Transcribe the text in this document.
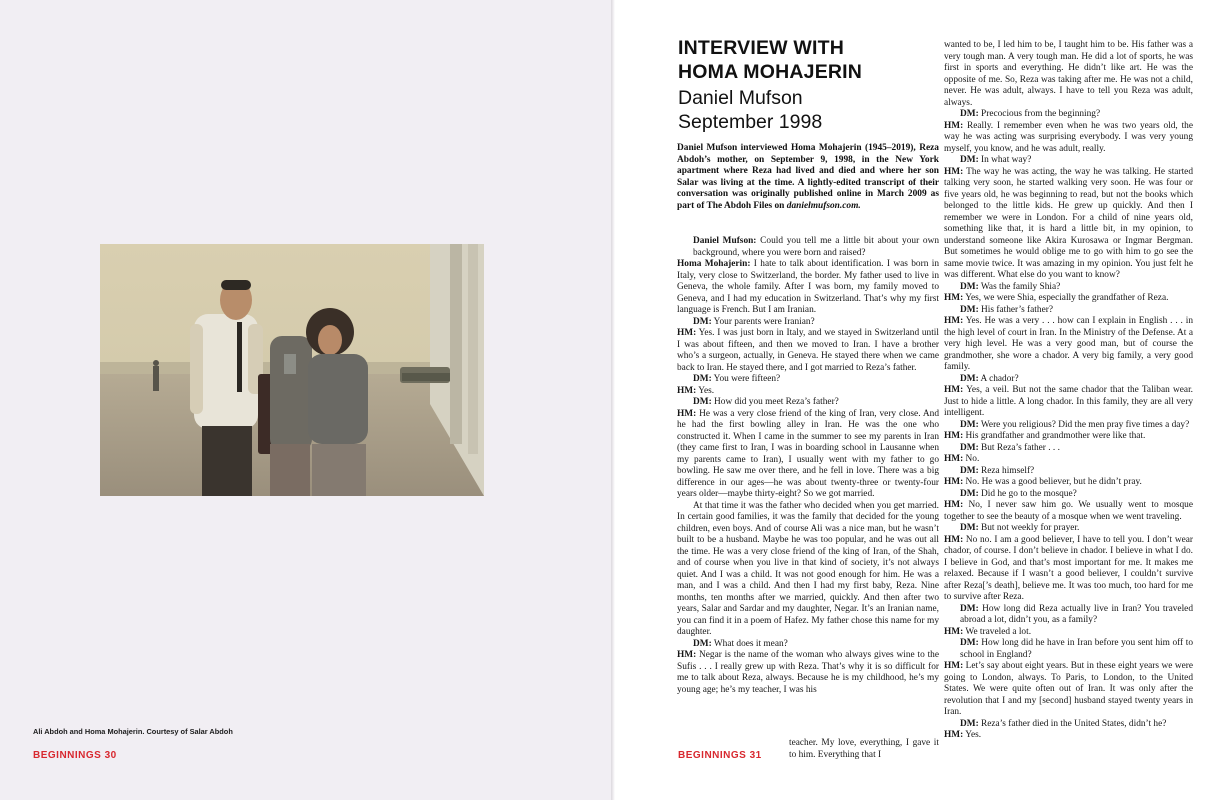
Ali Abdoh and Homa Mohajerin. Courtesy of Salar Abdoh
BEGINNINGS 30
INTERVIEW WITH
HOMA MOHAJERIN
Daniel Mufson
September 1998
Daniel Mufson interviewed Homa Mohajerin (1945–2019), Reza Abdoh’s mother, on September 9, 1998, in the New York apartment where Reza had lived and died and where her son Salar was living at the time. A lightly-edited transcript of their conversation was originally published online in March 2009 as part of The Abdoh Files on danielmufson.com.

Daniel Mufson: Could you tell me a little bit about your own background, where you were born and raised?

Homa Mohajerin: I hate to talk about identification. I was born in Italy, very close to Switzerland, the border. My father used to live in Geneva, the whole family. After I was born, my family moved to Geneva, and I had my education in Switzerland. That’s why my first language is French. But I am Iranian.

DM: Your parents were Iranian?

HM: Yes. I was just born in Italy, and we stayed in Switzerland until I was about fifteen, and then we moved to Iran. I have a brother who’s a surgeon, actually, in Geneva. He stayed there when we came back to Iran. He stayed there, and I got married to Reza’s father.

DM: You were fifteen?

HM: Yes.

DM: How did you meet Reza’s father?

HM: He was a very close friend of the king of Iran, very close. And he had the first bowling alley in Iran. He was the one who constructed it. When I came in the summer to see my parents in Iran (they came first to Iran, I was in boarding school in Lausanne when my parents came to Iran), I usually went with my father to go bowling. He saw me over there, and he fell in love. There was a big difference in our ages—he was about twenty-three or twenty-four years older—maybe thirty-eight? So we got married.

At that time it was the father who decided when you get married. In certain good families, it was the family that decided for the young children, even boys. And of course Ali was a nice man, but he wasn’t built to be a husband. Maybe he was too popular, and he was out all the time. He was a very close friend of the king of Iran, of the Shah, and of course when you live in that kind of society, it’s not always quiet. And I was a child. It was not good enough for him. He was a man, and I was a child. And then I had my first baby, Reza. Nine months, ten months after we married, quickly. And then after two years, Salar and Sardar and my daughter, Negar. It’s an Iranian name, you can find it in a poem of Hafez. My father chose this name for my daughter.

DM: What does it mean?

HM: Negar is the name of the woman who always gives wine to the Sufis . . . I really grew up with Reza. That’s why it is so difficult for me to talk about Reza, always. Because he is my childhood, he’s my young age; he’s my teacher, I was his

teacher. My love, everything, I gave it to him. Everything that I

wanted to be, I led him to be, I taught him to be. His father was a very tough man. A very tough man. He did a lot of sports, he was first in sports and everything. He didn’t like art. He was the opposite of me. So, Reza was taking after me. He was not a child, never. He was adult, always. I have to tell you Reza was adult, always.

DM: Precocious from the beginning?

HM: Really. I remember even when he was two years old, the way he was acting was surprising everybody. I was very young myself, you know, and he was adult, really.

DM: In what way?

HM: The way he was acting, the way he was talking. He started talking very soon, he started walking very soon. He was four or five years old, he was beginning to read, but not the books which belonged to the little kids. He grew up quickly. And then I remember we were in London. For a child of nine years old, something like that, it is hard a little bit, in my opinion, to understand someone like Akira Kurosawa or Ingmar Bergman. But sometimes he would oblige me to go with him to go see the same movie twice. It was amazing in my opinion. You just felt he was different. What else do you want to know?

DM: Was the family Shia?

HM: Yes, we were Shia, especially the grandfather of Reza.

DM: His father’s father?

HM: Yes. He was a very . . . how can I explain in English . . . in the high level of court in Iran. In the Ministry of the Defense. At a very high level. He was a very good man, but of course the grandmother, she wore a chador. A very big family, a very good family.

DM: A chador?

HM: Yes, a veil. But not the same chador that the Taliban wear. Just to hide a little. A long chador. In this family, they are all very intelligent.

DM: Were you religious? Did the men pray five times a day?

HM: His grandfather and grandmother were like that.

DM: But Reza’s father . . .

HM: No.

DM: Reza himself?

HM: No. He was a good believer, but he didn’t pray.

DM: Did he go to the mosque?

HM: No, I never saw him go. We usually went to mosque together to see the beauty of a mosque when we went traveling.

DM: But not weekly for prayer.

HM: No no. I am a good believer, I have to tell you. I don’t wear chador, of course. I don’t believe in chador. I believe in what I do. I believe in God, and that’s most important for me. It makes me relaxed. Because if I wasn’t a good believer, I couldn’t survive after Reza[’s death], believe me. It was too much, too hard for me to survive after Reza.

DM: How long did Reza actually live in Iran? You traveled abroad a lot, didn’t you, as a family?

HM: We traveled a lot.

DM: How long did he have in Iran before you sent him off to school in England?

HM: Let’s say about eight years. But in these eight years we were going to London, always. To Paris, to London, to the United States. We were quite often out of Iran. It was only after the revolution that I and my [second] husband stayed twenty years in Iran.

DM: Reza’s father died in the United States, didn’t he?

HM: Yes.

BEGINNINGS 31
